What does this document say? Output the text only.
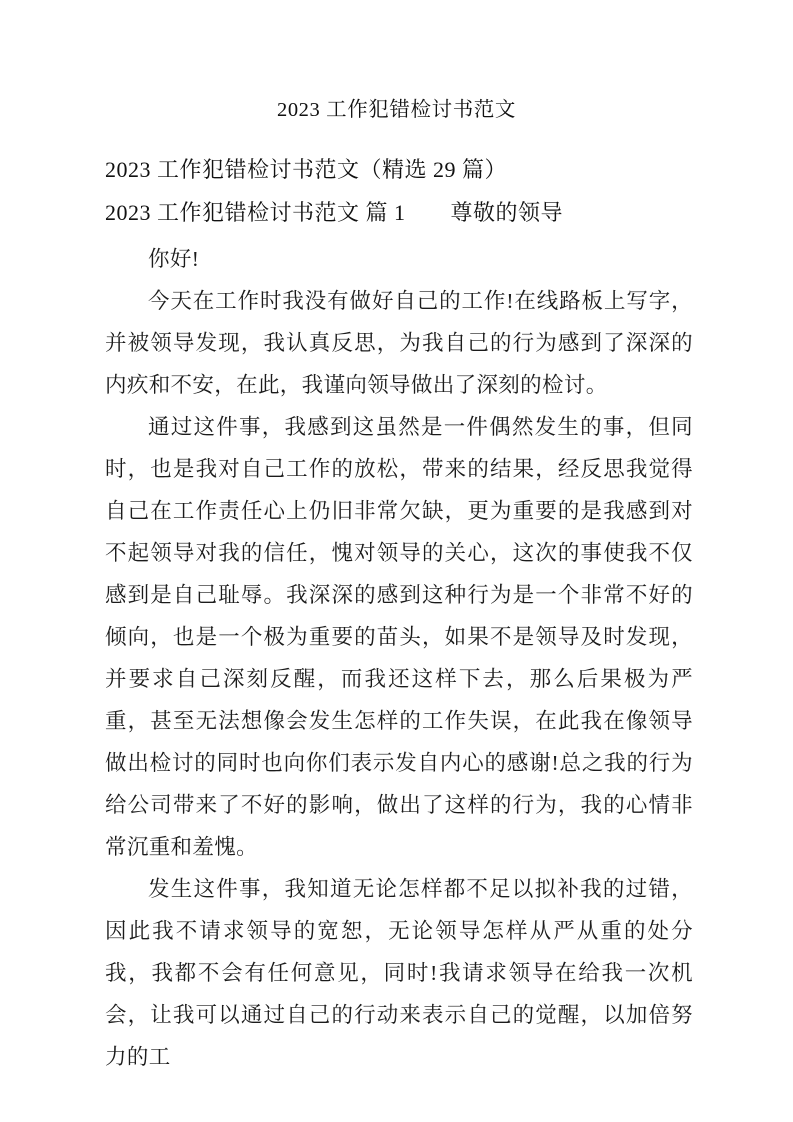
2023 工作犯错检讨书范文
2023 工作犯错检讨书范文（精选 29 篇）
2023 工作犯错检讨书范文 篇 1　　尊敬的领导

你好!

今天在工作时我没有做好自己的工作!在线路板上写字，并被领导发现，我认真反思，为我自己的行为感到了深深的内疚和不安，在此，我谨向领导做出了深刻的检讨。

通过这件事，我感到这虽然是一件偶然发生的事，但同时，也是我对自己工作的放松，带来的结果，经反思我觉得自己在工作责任心上仍旧非常欠缺，更为重要的是我感到对不起领导对我的信任，愧对领导的关心，这次的事使我不仅感到是自己耻辱。我深深的感到这种行为是一个非常不好的倾向，也是一个极为重要的苗头，如果不是领导及时发现，并要求自己深刻反醒，而我还这样下去，那么后果极为严重，甚至无法想像会发生怎样的工作失误，在此我在像领导做出检讨的同时也向你们表示发自内心的感谢!总之我的行为给公司带来了不好的影响，做出了这样的行为，我的心情非常沉重和羞愧。

发生这件事，我知道无论怎样都不足以拟补我的过错，因此我不请求领导的宽恕，无论领导怎样从严从重的处分我，我都不会有任何意见，同时!我请求领导在给我一次机会，让我可以通过自己的行动来表示自己的觉醒，以加倍努力的工
